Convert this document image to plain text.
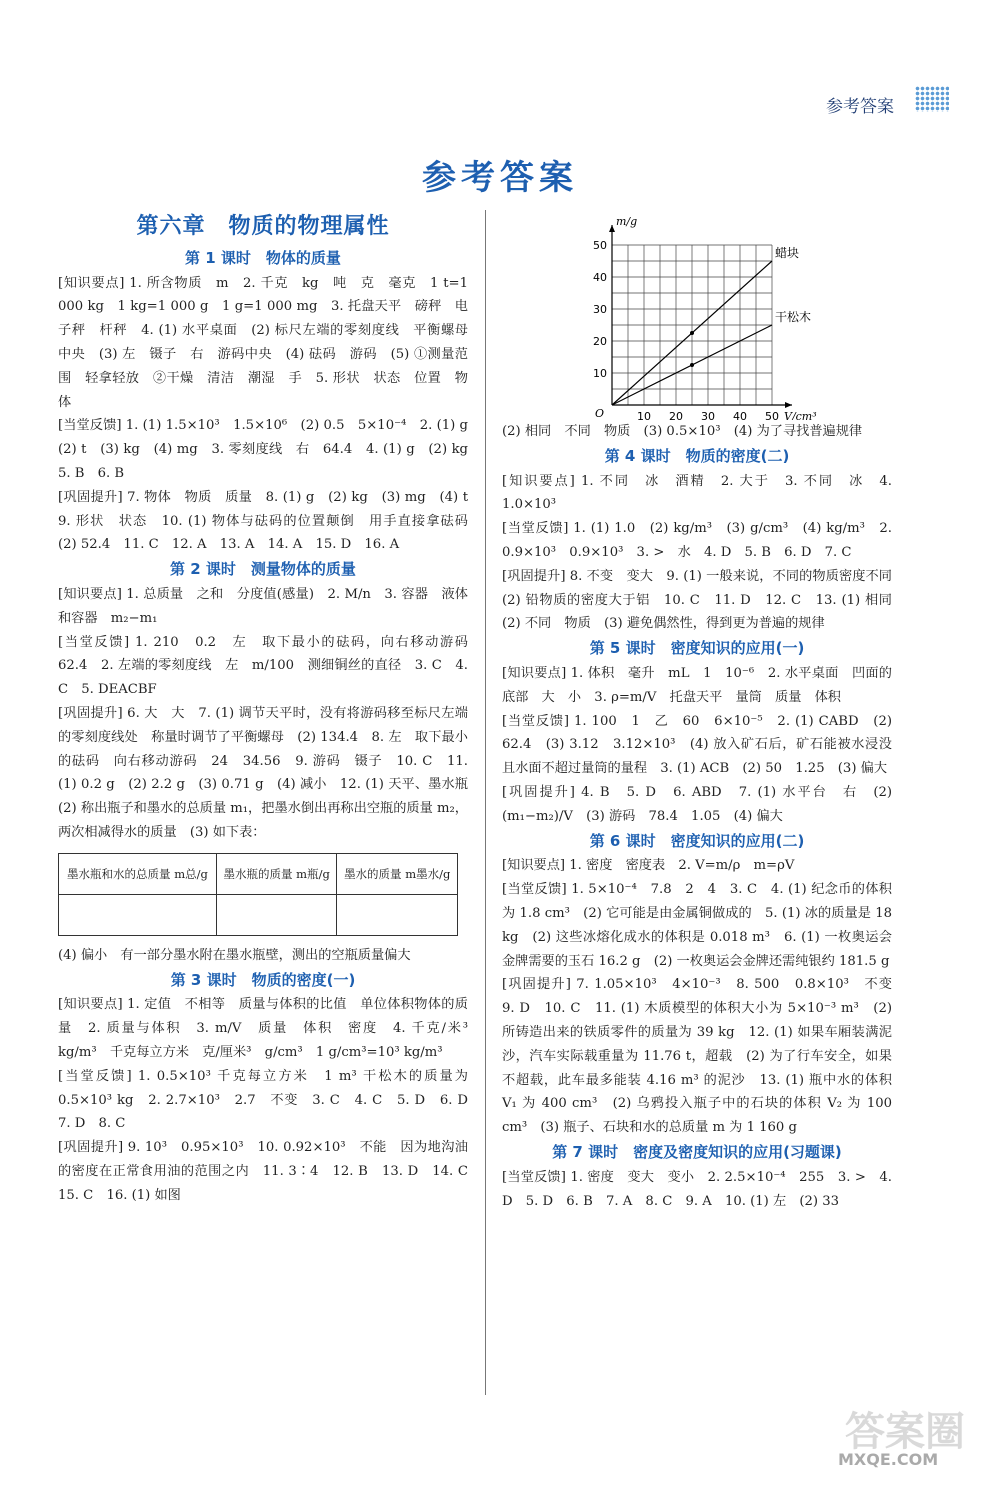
参考答案
参考答案
第六章　物质的物理属性
第 1 课时　物体的质量

[知识要点] 1. 所含物质　m　2. 千克　kg　吨　克　毫克　1 t=1 000 kg　1 kg=1 000 g　1 g=1 000 mg　3. 托盘天平　磅秤　电子秤　杆秤　4. (1) 水平桌面　(2) 标尺左端的零刻度线　平衡螺母　中央　(3) 左　镊子　右　游码中央　(4) 砝码　游码　(5) ①测量范围　轻拿轻放　②干燥　清洁　潮湿　手　5. 形状　状态　位置　物体

[当堂反馈] 1. (1) 1.5×10³　1.5×10⁶　(2) 0.5　5×10⁻⁴　2. (1) g　(2) t　(3) kg　(4) mg　3. 零刻度线　右　64.4　4. (1) g　(2) kg　5. B　6. B

[巩固提升] 7. 物体　物质　质量　8. (1) g　(2) kg　(3) mg　(4) t　9. 形状　状态　10. (1) 物体与砝码的位置颠倒　用手直接拿砝码　(2) 52.4　11. C　12. A　13. A　14. A　15. D　16. A

第 2 课时　测量物体的质量

[知识要点] 1. 总质量　之和　分度值(感量)　2. M/n　3. 容器　液体和容器　m₂−m₁

[当堂反馈] 1. 210　0.2　左　取下最小的砝码，向右移动游码　62.4　2. 左端的零刻度线　左　m/100　测细铜丝的直径　3. C　4. C　5. DEACBF

[巩固提升] 6. 大　大　7. (1) 调节天平时，没有将游码移至标尺左端的零刻度线处　称量时调节了平衡螺母　(2) 134.4　8. 左　取下最小的砝码　向右移动游码　24　34.56　9. 游码　镊子　10. C　11. (1) 0.2 g　(2) 2.2 g　(3) 0.71 g　(4) 减小　12. (1) 天平、墨水瓶　(2) 称出瓶子和墨水的总质量 m₁，把墨水倒出再称出空瓶的质量 m₂，两次相减得水的质量　(3) 如下表：

墨水瓶和水的总质量 m总/g	墨水瓶的质量 m瓶/g	墨水的质量 m墨水/g

(4) 偏小　有一部分墨水附在墨水瓶壁，测出的空瓶质量偏大

第 3 课时　物质的密度(一)

[知识要点] 1. 定值　不相等　质量与体积的比值　单位体积物体的质量　2. 质量与体积　3. m/V　质量　体积　密度　4. 千克/米³　kg/m³　千克每立方米　克/厘米³　g/cm³　1 g/cm³=10³ kg/m³

[当堂反馈] 1. 0.5×10³ 千克每立方米　1 m³ 干松木的质量为 0.5×10³ kg　2. 2.7×10³　2.7　不变　3. C　4. C　5. D　6. D　7. D　8. C

[巩固提升] 9. 10³　0.95×10³　10. 0.92×10³　不能　因为地沟油的密度在正常食用油的范围之内　11. 3∶4　12. B　13. D　14. C　15. C　16. (1) 如图

10 20 30 40 50
10
20
30
40
50
O	V/cm³
m/g
蜡块
干松木

(2) 相同　不同　物质　(3) 0.5×10³　(4) 为了寻找普遍规律

第 4 课时　物质的密度(二)

[知识要点] 1. 不同　冰　酒精　2. 大于　3. 不同　冰　4. 1.0×10³

[当堂反馈] 1. (1) 1.0　(2) kg/m³　(3) g/cm³　(4) kg/m³　2. 0.9×10³　0.9×10³　3. >　水　4. D　5. B　6. D　7. C

[巩固提升] 8. 不变　变大　9. (1) 一般来说，不同的物质密度不同　(2) 铅物质的密度大于铝　10. C　11. D　12. C　13. (1) 相同　(2) 不同　物质　(3) 避免偶然性，得到更为普遍的规律

第 5 课时　密度知识的应用(一)

[知识要点] 1. 体积　毫升　mL　1　10⁻⁶　2. 水平桌面　凹面的底部　大　小　3. ρ=m/V　托盘天平　量筒　质量　体积

[当堂反馈] 1. 100　1　乙　60　6×10⁻⁵　2. (1) CABD　(2) 62.4　(3) 3.12　3.12×10³　(4) 放入矿石后，矿石能被水浸没且水面不超过量筒的量程　3. (1) ACB　(2) 50　1.25　(3) 偏大

[巩固提升] 4. B　5. D　6. ABD　7. (1) 水平台　右　(2) (m₁−m₂)/V　(3) 游码　78.4　1.05　(4) 偏大

第 6 课时　密度知识的应用(二)

[知识要点] 1. 密度　密度表　2. V=m/ρ　m=ρV

[当堂反馈] 1. 5×10⁻⁴　7.8　2　4　3. C　4. (1) 纪念币的体积为 1.8 cm³　(2) 它可能是由金属铜做成的　5. (1) 冰的质量是 18 kg　(2) 这些冰熔化成水的体积是 0.018 m³　6. (1) 一枚奥运会金牌需要的玉石 16.2 g　(2) 一枚奥运会金牌还需纯银约 181.5 g

[巩固提升] 7. 1.05×10³　4×10⁻³　8. 500　0.8×10³　不变　9. D　10. C　11. (1) 木质模型的体积大小为 5×10⁻³ m³　(2) 所铸造出来的铁质零件的质量为 39 kg　12. (1) 如果车厢装满泥沙，汽车实际载重量为 11.76 t，超载　(2) 为了行车安全，如果不超载，此车最多能装 4.16 m³ 的泥沙　13. (1) 瓶中水的体积 V₁ 为 400 cm³　(2) 乌鸦投入瓶子中的石块的体积 V₂ 为 100 cm³　(3) 瓶子、石块和水的总质量 m 为 1 160 g

第 7 课时　密度及密度知识的应用(习题课)

[当堂反馈] 1. 密度　变大　变小　2. 2.5×10⁻⁴　255　3. >　4. D　5. D　6. B　7. A　8. C　9. A　10. (1) 左　(2) 33

答案圈
MXQE.COM
